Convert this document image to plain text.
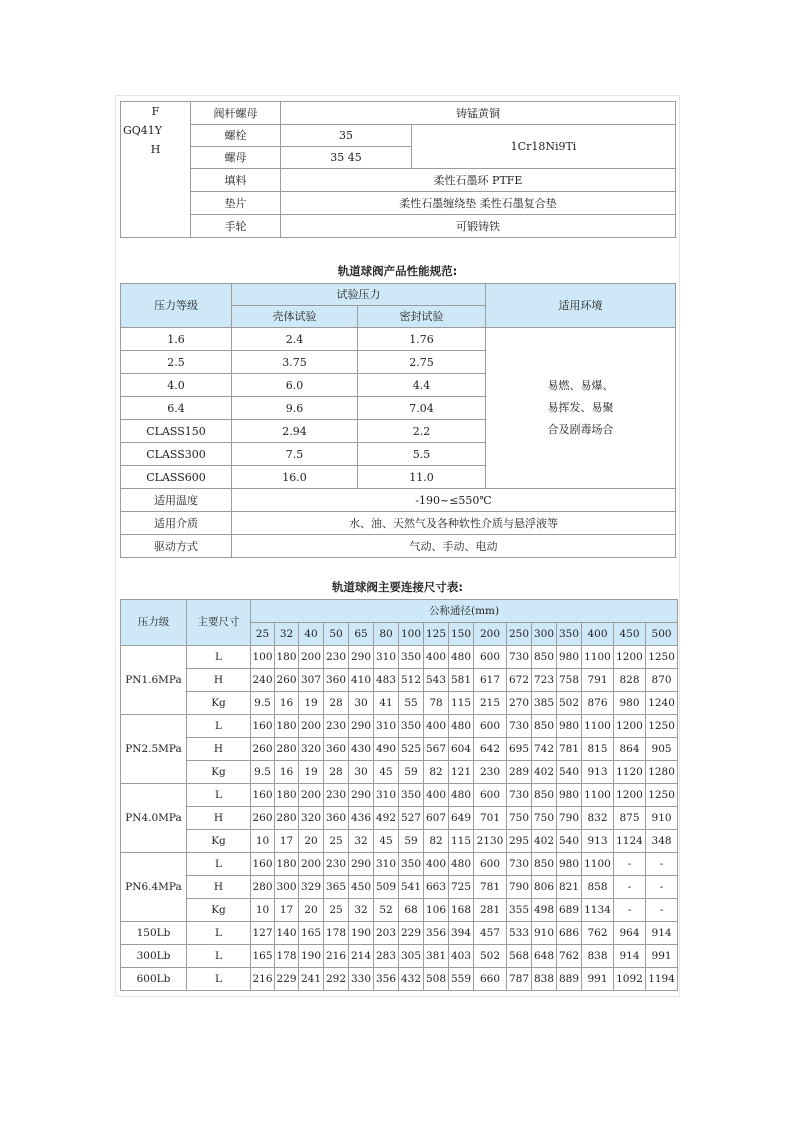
F
GQ41Y
H	阀杆螺母	铸锰黄铜	
	螺栓	35	1Cr18Ni9Ti
	螺母	35 45	
	填料	柔性石墨环 PTFE	
	垫片	柔性石墨缠绕垫 柔性石墨复合垫	
	手轮	可锻铸铁	
轨道球阀产品性能规范:
压力等级	试验压力		适用环境
	壳体试验	密封试验	
1.6	2.4	1.76	易燃、易爆、
易挥发、易聚
合及剧毒场合

2.5	3.75	2.75	
4.0	6.0	4.4	
6.4	9.6	7.04	
CLASS150	2.94	2.2	
CLASS300	7.5	5.5	
CLASS600	16.0	11.0	
适用温度	-190~≤550℃		
适用介质	水、油、天然气及各种软性介质与悬浮液等		
驱动方式	气动、手动、电动		
轨道球阀主要连接尺寸表:
压力级	主要尺寸	公称通径(mm)															
		25	32	40	50	65	80	100	125	150	200	250	300	350	400	450	500
PN1.6MPa	L	100	180	200	230	290	310	350	400	480	600	730	850	980	1100	1200	1250
	H	240	260	307	360	410	483	512	543	581	617	672	723	758	791	828	870
	Kg	9.5	16	19	28	30	41	55	78	115	215	270	385	502	876	980	1240
PN2.5MPa	L	160	180	200	230	290	310	350	400	480	600	730	850	980	1100	1200	1250
	H	260	280	320	360	430	490	525	567	604	642	695	742	781	815	864	905
	Kg	9.5	16	19	28	30	45	59	82	121	230	289	402	540	913	1120	1280
PN4.0MPa	L	160	180	200	230	290	310	350	400	480	600	730	850	980	1100	1200	1250
	H	260	280	320	360	436	492	527	607	649	701	750	750	790	832	875	910
	Kg	10	17	20	25	32	45	59	82	115	2130	295	402	540	913	1124	348
PN6.4MPa	L	160	180	200	230	290	310	350	400	480	600	730	850	980	1100	-	-
	H	280	300	329	365	450	509	541	663	725	781	790	806	821	858	-	-
	Kg	10	17	20	25	32	52	68	106	168	281	355	498	689	1134	-	-
150Lb	L	127	140	165	178	190	203	229	356	394	457	533	910	686	762	964	914
300Lb	L	165	178	190	216	214	283	305	381	403	502	568	648	762	838	914	991
600Lb	L	216	229	241	292	330	356	432	508	559	660	787	838	889	991	1092	1194
